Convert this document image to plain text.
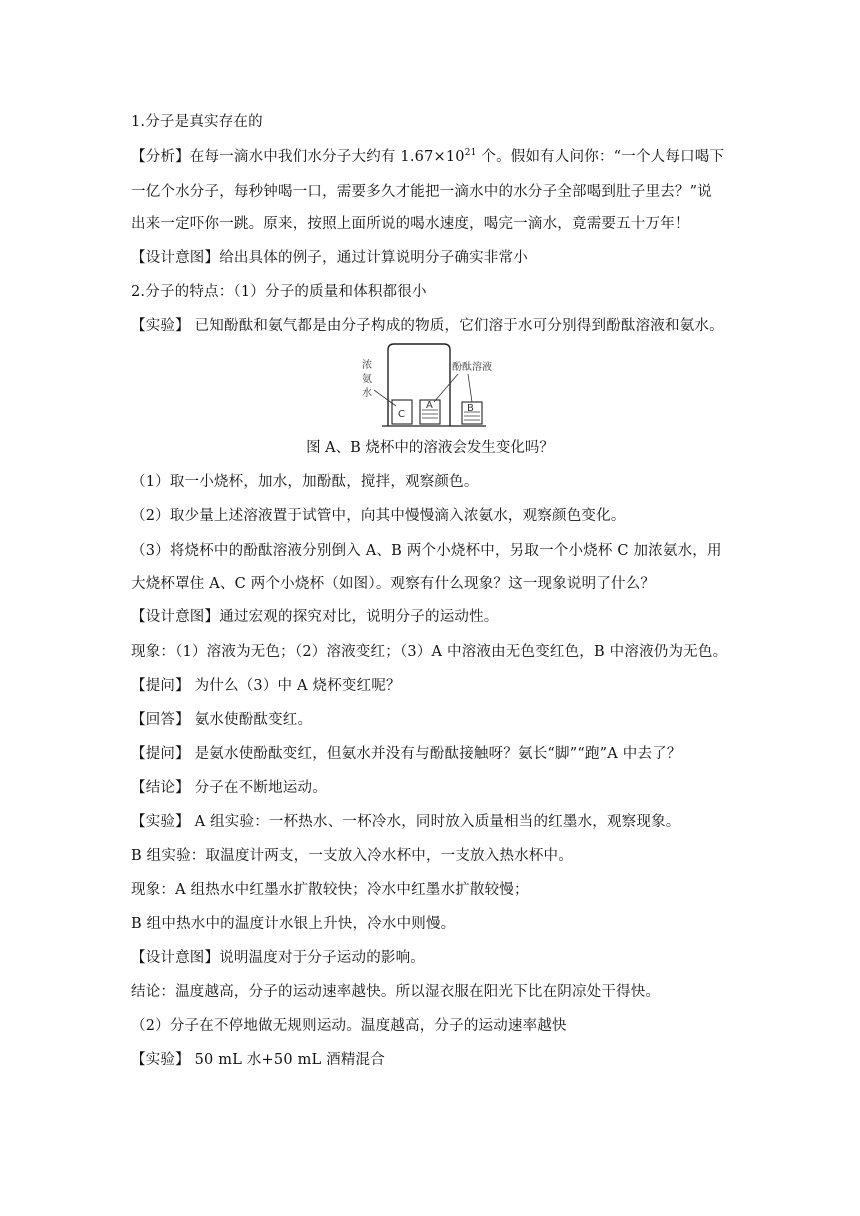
1.分子是真实存在的
【分析】在每一滴水中我们水分子大约有 $1.67\times 10^{21}$ 个。假如有人问你：“一个人每口喝下
一亿个水分子，每秒钟喝一口，需要多久才能把一滴水中的水分子全部喝到肚子里去？”说
出来一定吓你一跳。原来，按照上面所说的喝水速度，喝完一滴水，竟需要五十万年！
【设计意图】给出具体的例子，通过计算说明分子确实非常小
2.分子的特点：（1）分子的质量和体积都很小
【实验】 已知酚酞和氨气都是由分子构成的物质，它们溶于水可分别得到酚酞溶液和氨水。
C
A	B
浓
氨
水
酚酞溶液
图 A、B 烧杯中的溶液会发生变化吗？
（1）取一小烧杯，加水，加酚酞，搅拌，观察颜色。
（2）取少量上述溶液置于试管中，向其中慢慢滴入浓氨水，观察颜色变化。
（3）将烧杯中的酚酞溶液分别倒入 A、B 两个小烧杯中，另取一个小烧杯 C 加浓氨水，用
大烧杯罩住 A、C 两个小烧杯（如图）。观察有什么现象？这一现象说明了什么？
【设计意图】通过宏观的探究对比，说明分子的运动性。
现象：（1）溶液为无色；（2）溶液变红；（3）A 中溶液由无色变红色，B 中溶液仍为无色。
【提问】 为什么（3）中 A 烧杯变红呢？
【回答】 氨水使酚酞变红。
【提问】 是氨水使酚酞变红，但氨水并没有与酚酞接触呀？氨长“脚”“跑”A 中去了？
【结论】 分子在不断地运动。
【实验】 A 组实验：一杯热水、一杯冷水，同时放入质量相当的红墨水，观察现象。
B 组实验：取温度计两支，一支放入冷水杯中，一支放入热水杯中。
现象：A 组热水中红墨水扩散较快；冷水中红墨水扩散较慢；
B 组中热水中的温度计水银上升快，冷水中则慢。
【设计意图】说明温度对于分子运动的影响。
结论：温度越高，分子的运动速率越快。所以湿衣服在阳光下比在阴凉处干得快。
（2）分子在不停地做无规则运动。温度越高，分子的运动速率越快
【实验】 50 mL 水+50 mL 酒精混合
